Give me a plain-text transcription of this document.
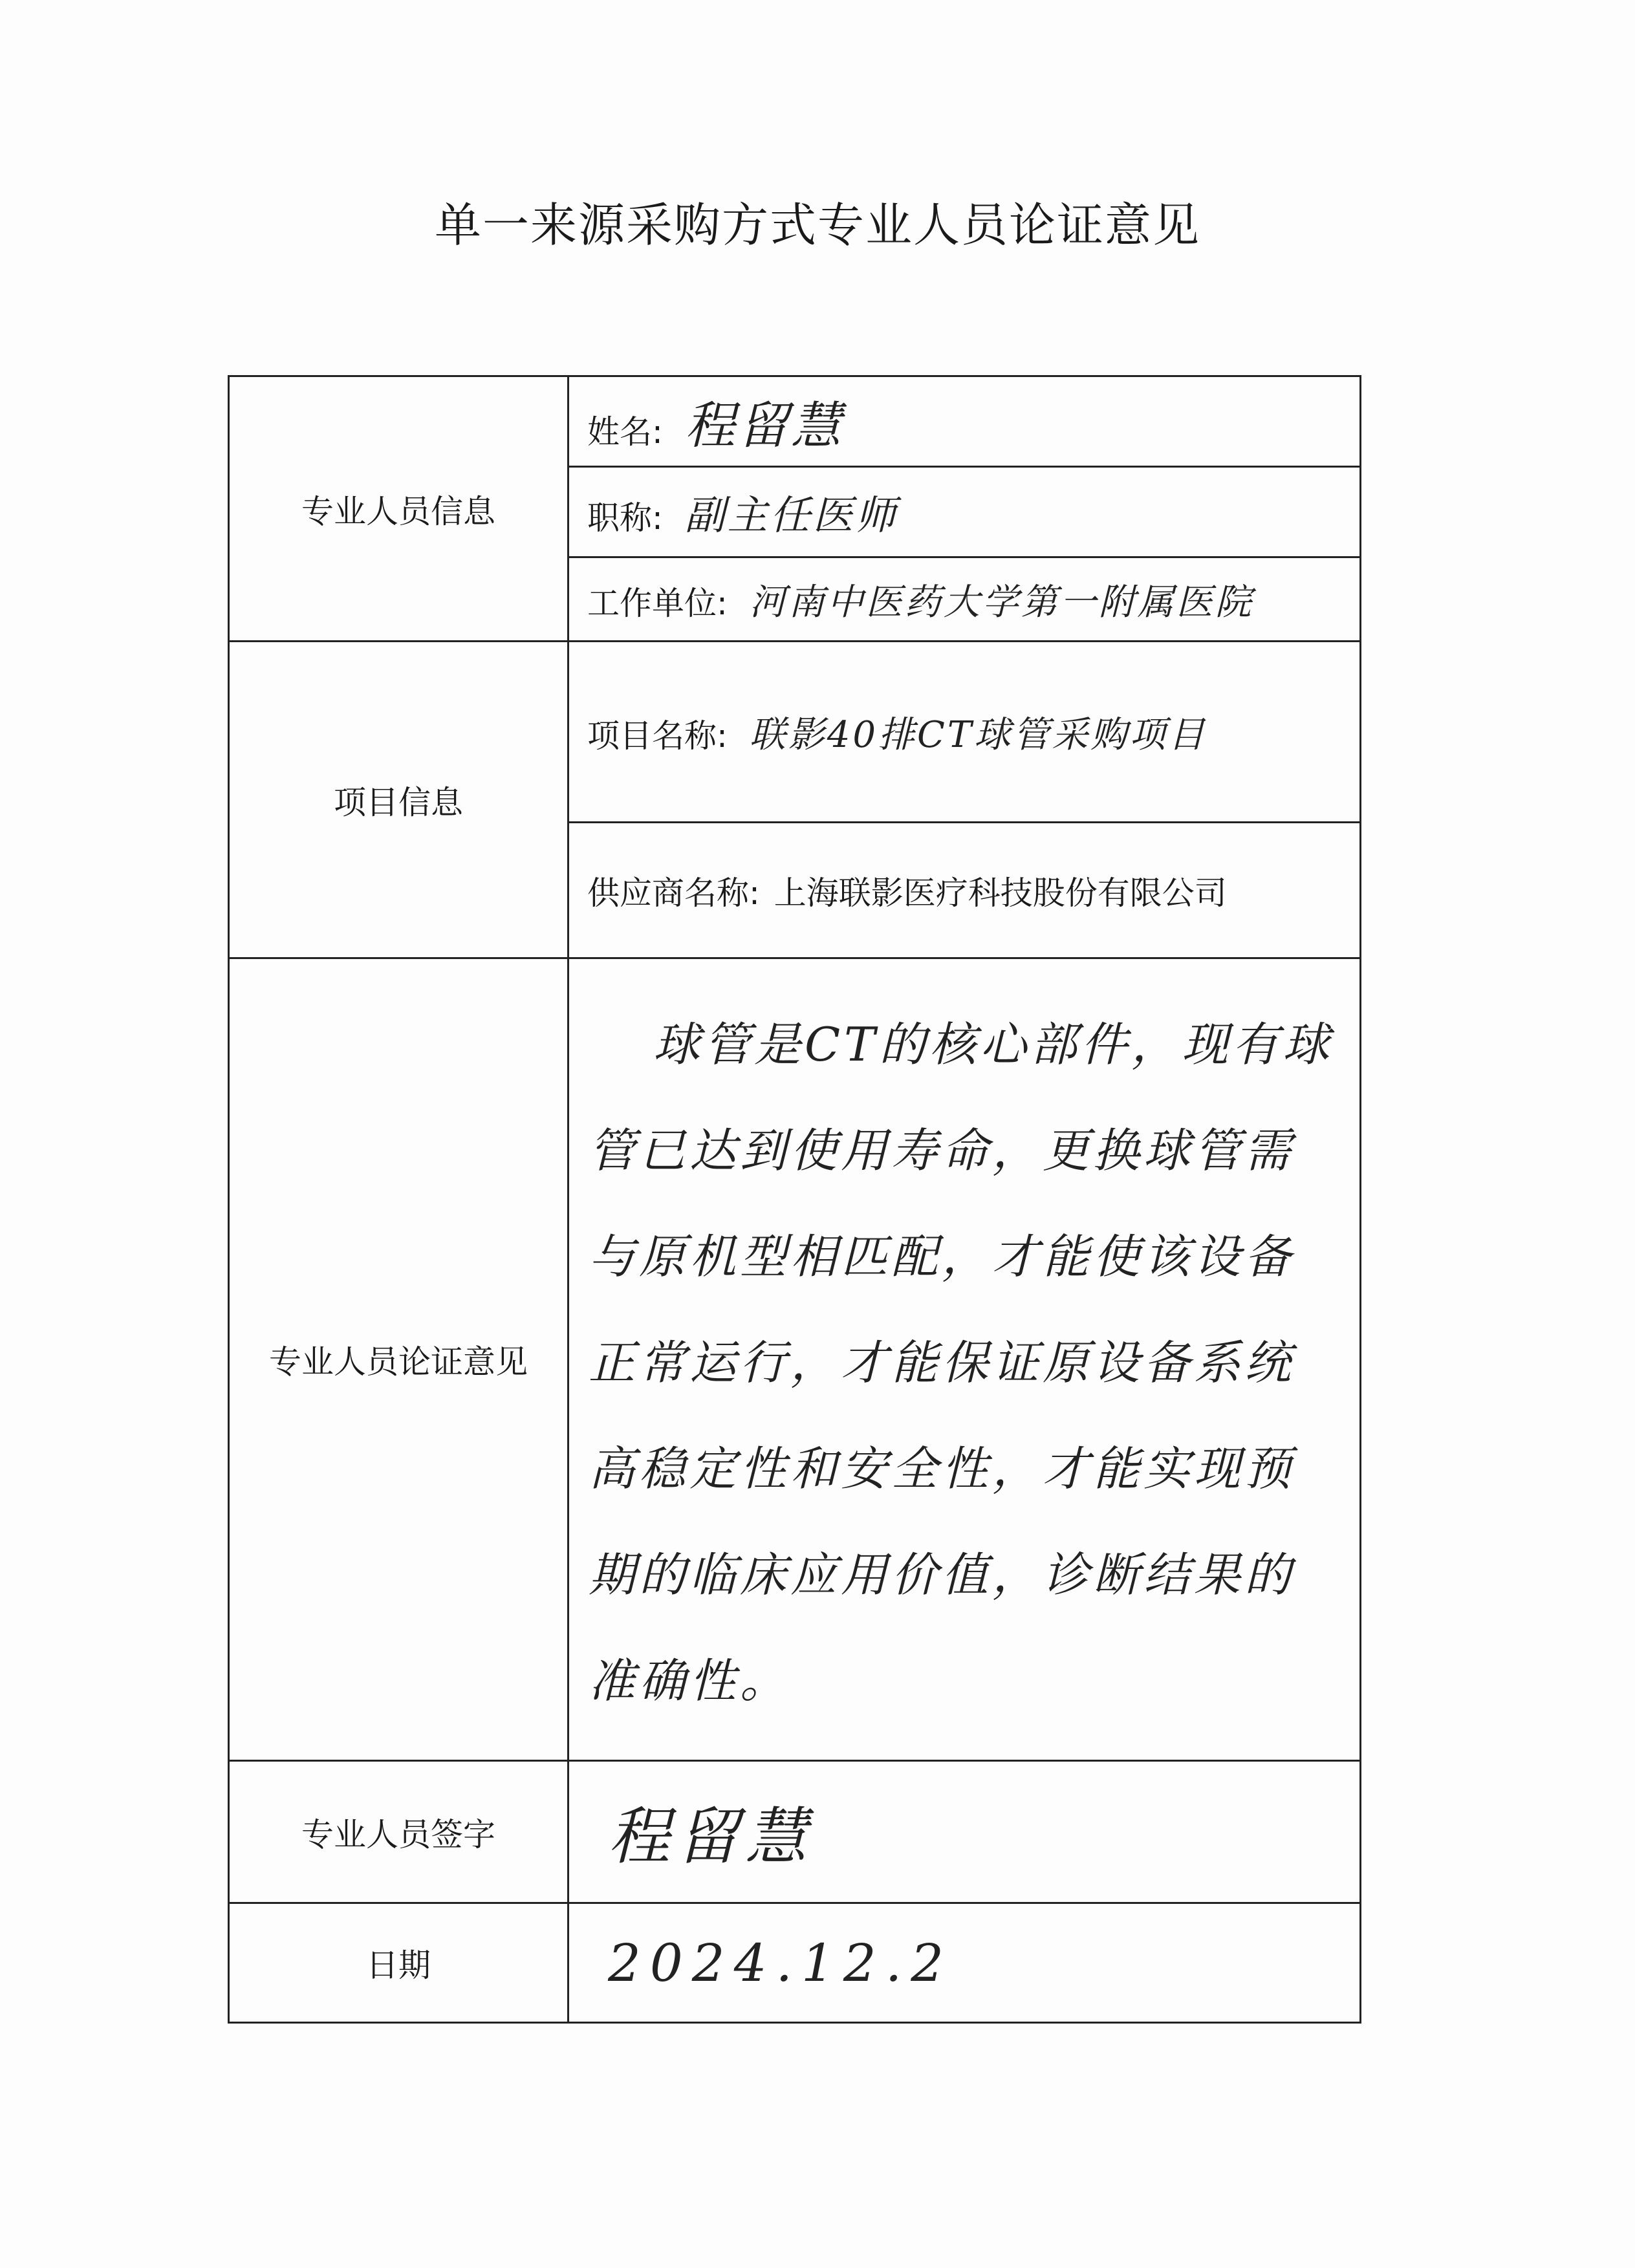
单一来源采购方式专业人员论证意见
专业人员信息	姓名: 程留慧
	职称: 副主任医师
	工作单位: 河南中医药大学第一附属医院
项目信息	项目名称: 联影40排CT球管采购项目
	供应商名称: 上海联影医疗科技股份有限公司
专业人员论证意见	球管是CT的核心部件，现有球管已达到使用寿命，更换球管需与原机型相匹配，才能使该设备正常运行，才能保证原设备系统高稳定性和安全性，才能实现预期的临床应用价值，诊断结果的准确性。
专业人员签字	程留慧
日期	2024.12.2
